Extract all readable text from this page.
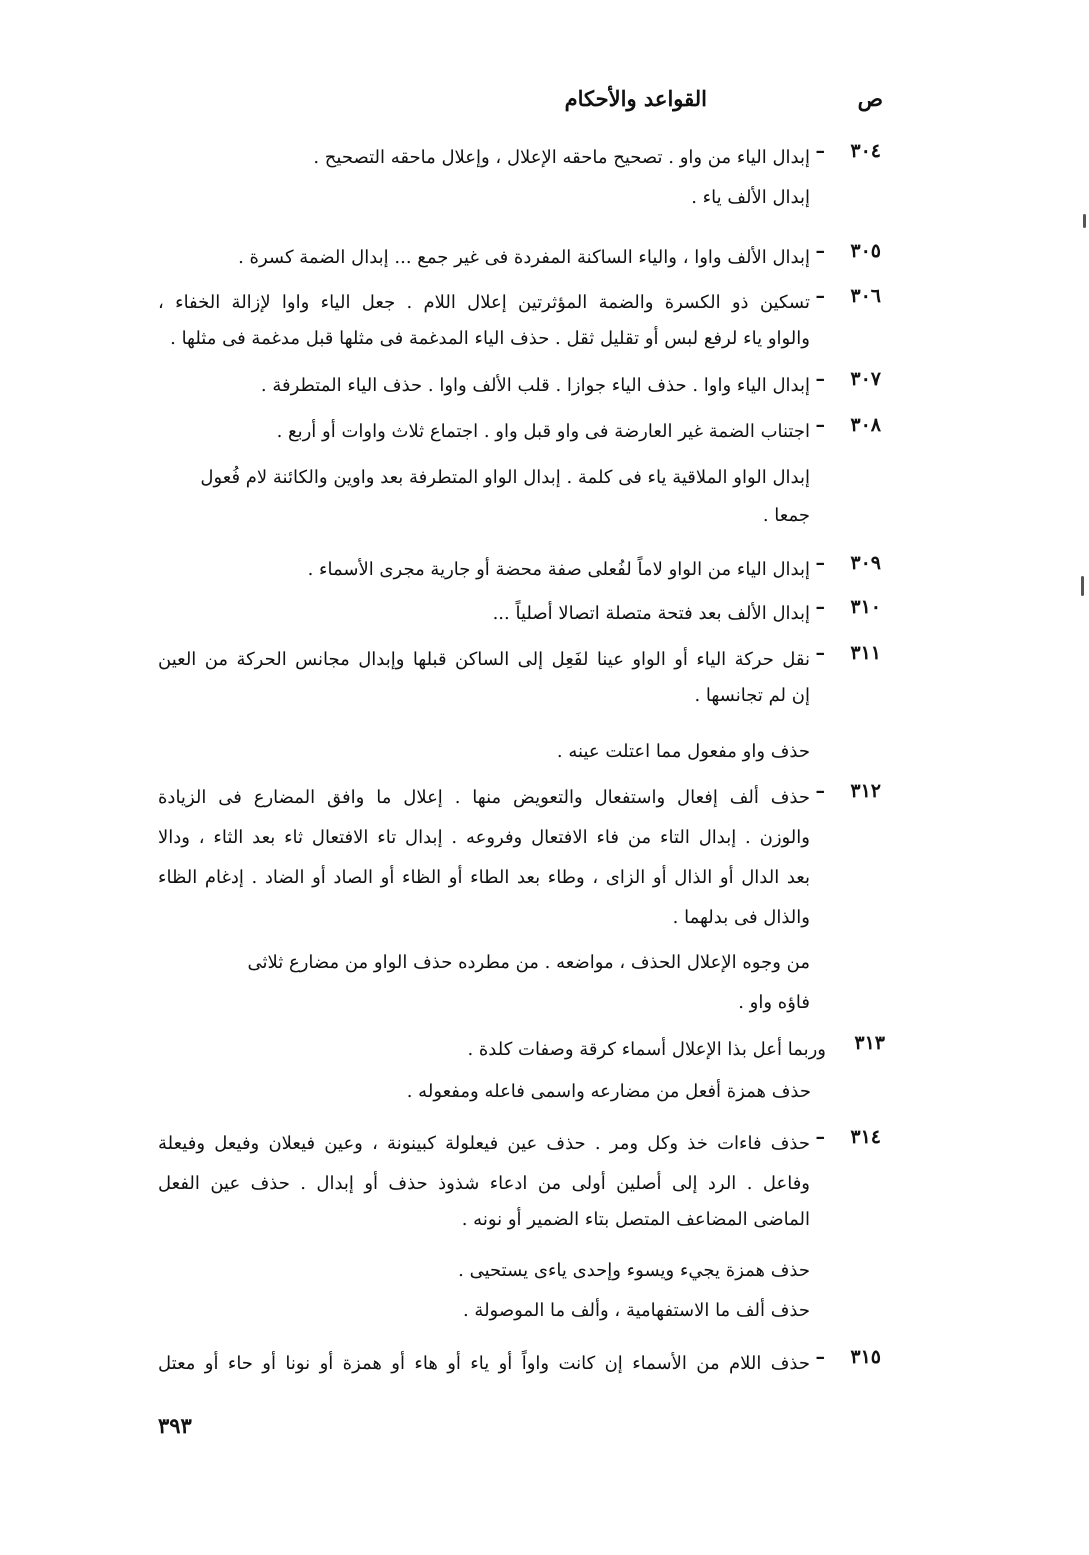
ص
القواعد والأحكام
٣٠٤
–
إبدال الياء من واو . تصحيح ماحقه الإعلال ، وإعلال ماحقه التصحيح .
إبدال الألف ياء .
٣٠٥
–
إبدال الألف واوا ، والياء الساكنة المفردة فى غير جمع ... إبدال الضمة كسرة .
٣٠٦
–
تسكين ذو الكسرة والضمة المؤثرتين إعلال اللام . جعل الياء واوا لإزالة الخفاء ،
والواو ياء لرفع لبس أو تقليل ثقل . حذف الياء المدغمة فى مثلها قبل مدغمة فى مثلها .
٣٠٧
–
إبدال الياء واوا . حذف الياء جوازا . قلب الألف واوا . حذف الياء المتطرفة .
٣٠٨
–
اجتناب الضمة غير العارضة فى واو قبل واو . اجتماع ثلاث واوات أو أربع .
إبدال الواو الملاقية ياء فى كلمة . إبدال الواو المتطرفة بعد واوين والكائنة لام فُعول
جمعا .
٣٠٩
–
إبدال الياء من الواو لاماً لفُعلى صفة محضة أو جارية مجرى الأسماء .
٣١٠
–
إبدال الألف بعد فتحة متصلة اتصالا أصلياً ...
٣١١
–
نقل حركة الياء أو الواو عينا لفَعِل إلى الساكن قبلها وإبدال مجانس الحركة من العين
إن لم تجانسها .
حذف واو مفعول مما اعتلت عينه .
٣١٢
–
حذف ألف إفعال واستفعال والتعويض منها . إعلال ما وافق المضارع فى الزيادة
والوزن . إبدال التاء من فاء الافتعال وفروعه . إبدال تاء الافتعال ثاء بعد الثاء ، ودالا
بعد الدال أو الذال أو الزاى ، وطاء بعد الطاء أو الظاء أو الصاد أو الضاد . إدغام الظاء
والذال فى بدلهما .
من وجوه الإعلال الحذف ، مواضعه . من مطرده حذف الواو من مضارع ثلاثى
فاؤه واو .
٣١٣
وربما أعل بذا الإعلال أسماء كرقة وصفات كلدة .
حذف همزة أفعل من مضارعه واسمى فاعله ومفعوله .
٣١٤
–
حذف فاءات خذ وكل ومر . حذف عين فيعلولة كبينونة ، وعين فيعلان وفيعل وفيعلة
وفاعل . الرد إلى أصلين أولى من ادعاء شذوذ حذف أو إبدال . حذف عين الفعل
الماضى المضاعف المتصل بتاء الضمير أو نونه .
حذف همزة يجيء ويسوء وإحدى ياءى يستحيى .
حذف ألف ما الاستفهامية ، وألف ما الموصولة .
٣١٥
–
حذف اللام من الأسماء إن كانت واواً أو ياء أو هاء أو همزة أو نونا أو حاء أو معتل
٣٩٣
